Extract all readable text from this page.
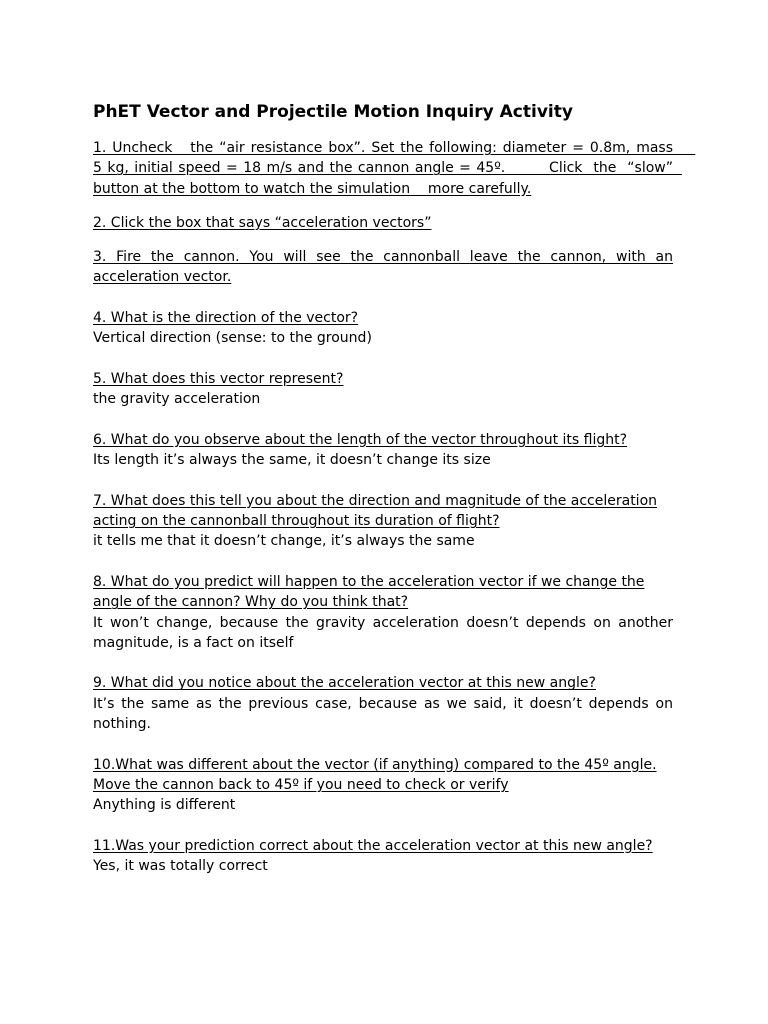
PhET Vector and Projectile Motion Inquiry Activity

1. Uncheck   the “air resistance box”. Set the following: diameter = 0.8m, mass     5 kg, initial speed = 18 m/s and the cannon angle = 45º.        Click  the  “slow”  button at the bottom to watch the simulation    more carefully.

2. Click the box that says “acceleration vectors”

3. Fire the cannon. You will see the cannonball leave the cannon, with an acceleration vector.

4. What is the direction of the vector?

Vertical direction (sense: to the ground)

5. What does this vector represent?

the gravity acceleration

6. What do you observe about the length of the vector throughout its flight?

Its length it’s always the same, it doesn’t change its size

7. What does this tell you about the direction and magnitude of the acceleration acting on the cannonball throughout its duration of flight?

it tells me that it doesn’t change, it’s always the same

8. What do you predict will happen to the acceleration vector if we change the angle of the cannon? Why do you think that?

It won’t change, because the gravity acceleration doesn’t depends on another magnitude, is a fact on itself

9. What did you notice about the acceleration vector at this new angle?

It’s the same as the previous case, because as we said, it doesn’t depends on nothing.

10.What was different about the vector (if anything) compared to the 45º angle. Move the cannon back to 45º if you need to check or verify

Anything is different

11.Was your prediction correct about the acceleration vector at this new angle?

Yes, it was totally correct
